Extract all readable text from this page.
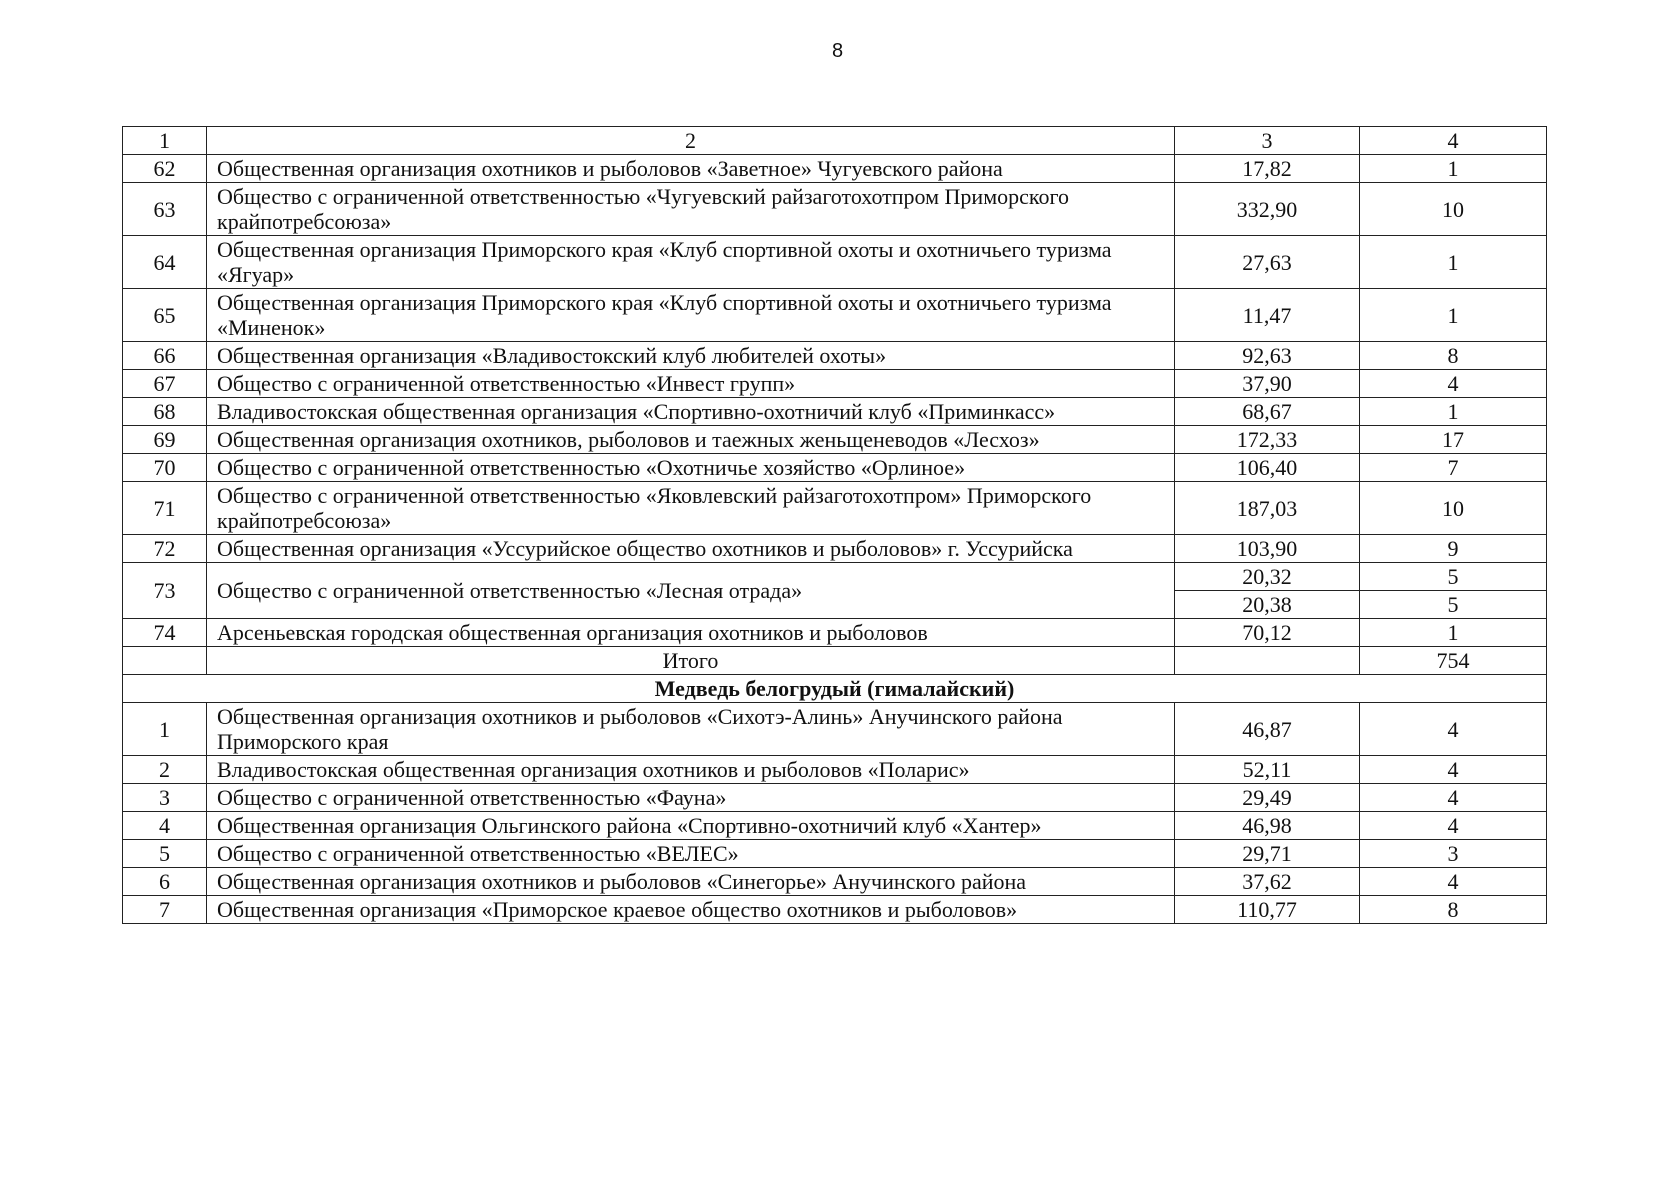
8
1	2	3	4
62	Общественная организация охотников и рыболовов «Заветное» Чугуевского района	17,82	1
63	Общество с ограниченной ответственностью «Чугуевский райзаготохотпром Приморского крайпотребсоюза»	332,90	10
64	Общественная организация Приморского края «Клуб спортивной охоты и охотничьего туризма «Ягуар»	27,63	1
65	Общественная организация Приморского края «Клуб спортивной охоты и охотничьего туризма «Миненок»	11,47	1
66	Общественная организация «Владивостокский клуб любителей охоты»	92,63	8
67	Общество с ограниченной ответственностью «Инвест групп»	37,90	4
68	Владивостокская общественная организация «Спортивно-охотничий клуб «Приминкасс»	68,67	1
69	Общественная организация охотников, рыболовов и таежных женьщеневодов «Лесхоз»	172,33	17
70	Общество с ограниченной ответственностью «Охотничье хозяйство «Орлиное»	106,40	7
71	Общество с ограниченной ответственностью «Яковлевский райзаготохотпром» Приморского крайпотребсоюза»	187,03	10
72	Общественная организация «Уссурийское общество охотников и рыболовов» г. Уссурийска	103,90	9
73	Общество с ограниченной ответственностью «Лесная отрада»	20,32	5
		20,38	5
74	Арсеньевская городская общественная организация охотников и рыболовов	70,12	1
	Итого		754
Медведь белогрудый (гималайский)			
1	Общественная организация охотников и рыболовов «Сихотэ-Алинь» Анучинского района Приморского края	46,87	4
2	Владивостокская общественная организация охотников и рыболовов «Поларис»	52,11	4
3	Общество с ограниченной ответственностью «Фауна»	29,49	4
4	Общественная организация Ольгинского района «Спортивно-охотничий клуб «Хантер»	46,98	4
5	Общество с ограниченной ответственностью «ВЕЛЕС»	29,71	3
6	Общественная организация охотников и рыболовов «Синегорье» Анучинского района	37,62	4
7	Общественная организация «Приморское краевое общество охотников и рыболовов»	110,77	8
